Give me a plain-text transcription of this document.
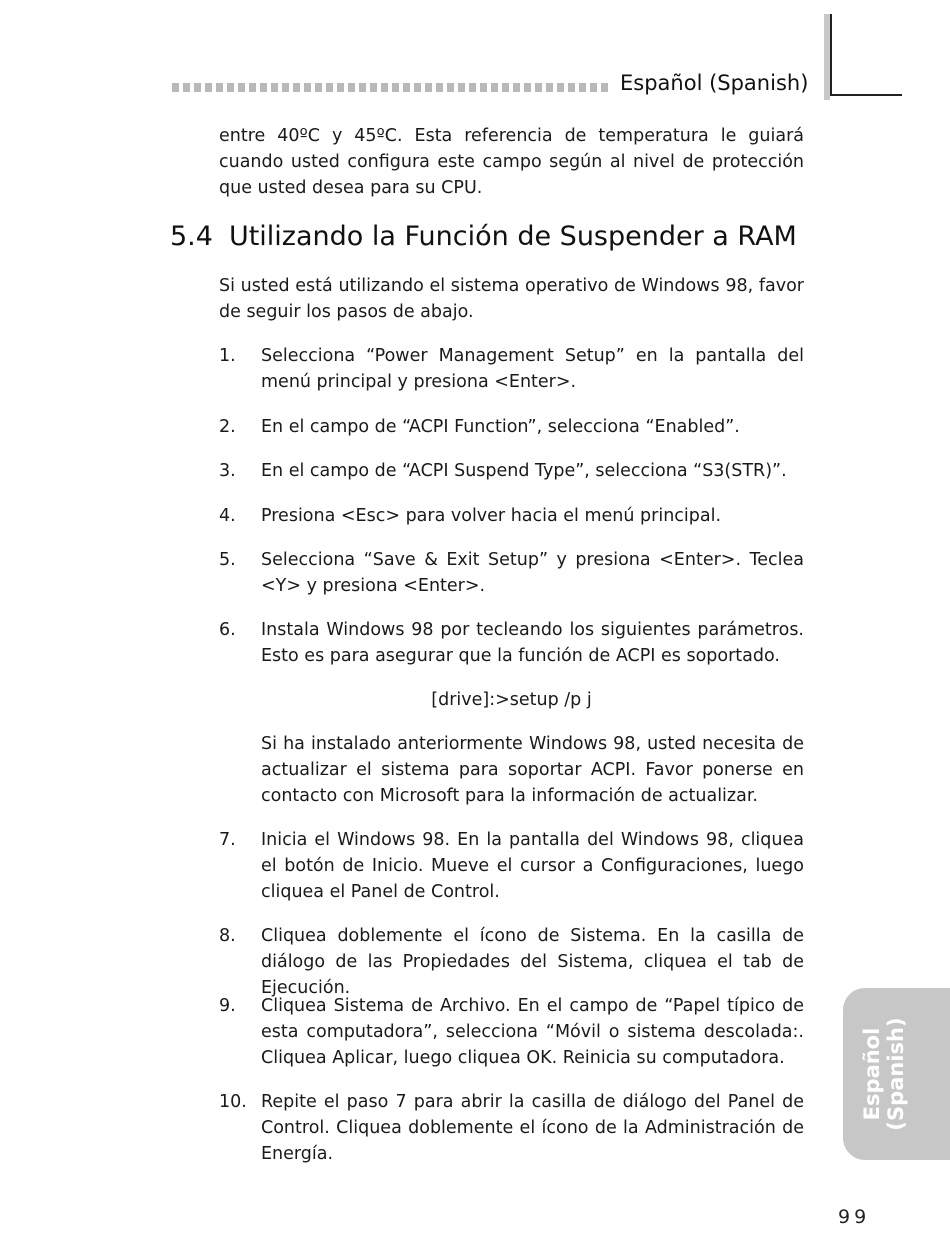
Español (Spanish)

entre 40ºC y 45ºC. Esta referencia de temperatura le guiará cuando usted configura este campo según al nivel de protección que usted desea para su CPU.

5.4 Utilizando la Función de Suspender a RAM

Si usted está utilizando el sistema operativo de Windows 98, favor de seguir los pasos de abajo.

1. Selecciona “Power Management Setup” en la pantalla del menú principal y presiona <Enter>.

2. En el campo de “ACPI Function”, selecciona “Enabled”.

3. En el campo de “ACPI Suspend Type”, selecciona “S3(STR)”.

4. Presiona <Esc> para volver hacia el menú principal.

5. Selecciona “Save & Exit Setup” y presiona <Enter>. Teclea <Y> y presiona <Enter>.

6. Instala Windows 98 por tecleando los siguientes parámetros. Esto es para asegurar que la función de ACPI es soportado.

[drive]:>setup /p j

Si ha instalado anteriormente Windows 98, usted necesita de actualizar el sistema para soportar ACPI. Favor ponerse en contacto con Microsoft para la información de actualizar.

7. Inicia el Windows 98. En la pantalla del Windows 98, cliquea el botón de Inicio. Mueve el cursor a Configuraciones, luego cliquea el Panel de Control.

8. Cliquea doblemente el ícono de Sistema. En la casilla de diálogo de las Propiedades del Sistema, cliquea el tab de Ejecución.

9. Cliquea Sistema de Archivo. En el campo de “Papel típico de esta computadora”, selecciona “Móvil o sistema descolada:. Cliquea Aplicar, luego cliquea OK. Reinicia su computadora.

10. Repite el paso 7 para abrir la casilla de diálogo del Panel de Control. Cliquea doblemente el ícono de la Administración de Energía.

Español (Spanish)
99
